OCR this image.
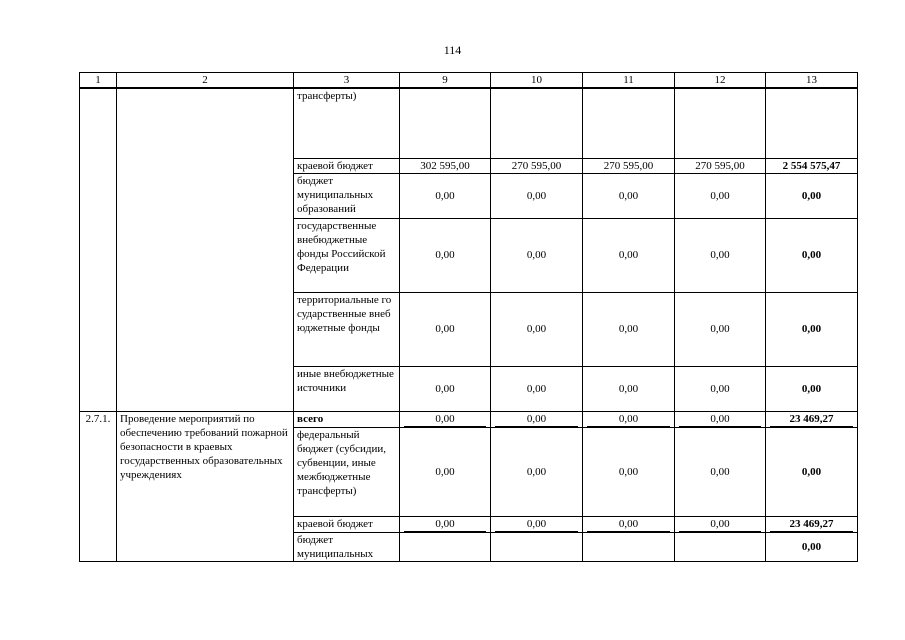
114
1	2	3	9	10	11	12	13
		трансферты)					
		краевой бюджет	302 595,00	270 595,00	270 595,00	270 595,00	2 554 575,47
		бюджет муниципальных образований	0,00	0,00	0,00	0,00	0,00
		государственные внебюджетные фонды Российской Федерации	0,00	0,00	0,00	0,00	0,00
		территориальные государственные внебюджетные фонды	0,00	0,00	0,00	0,00	0,00
		иные внебюджетные источники	0,00	0,00	0,00	0,00	0,00
2.7.1.	Проведение мероприятий по обеспечению требований пожарной безопасности в краевых государственных образовательных учреждениях	всего	0,00	0,00	0,00	0,00	23 469,27

		федеральный бюджет (субсидии, субвенции, иные межбюджетные трансферты)	0,00	0,00	0,00	0,00	0,00
		краевой бюджет	0,00	0,00	0,00	0,00	23 469,27

		бюджет муниципальных					0,00
